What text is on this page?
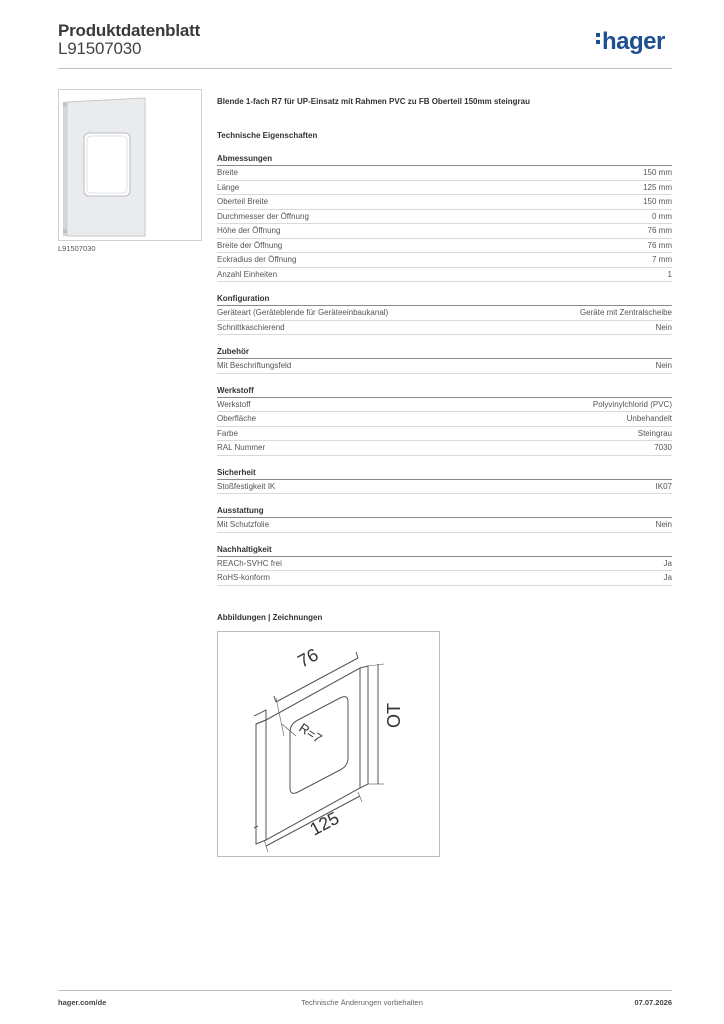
Produktdatenblatt
L91507030	hager
L91507030
Blende 1-fach R7 für UP-Einsatz mit Rahmen PVC zu FB Oberteil 150mm steingrau
Technische Eigenschaften
Abmessungen
Breite	150 mm
Länge	125 mm
Oberteil Breite	150 mm
Durchmesser der Öffnung	0 mm
Höhe der Öffnung	76 mm
Breite der Öffnung	76 mm
Eckradius der Öffnung	7 mm
Anzahl Einheiten	1
Konfiguration
Geräteart (Geräteblende für Geräteeinbaukanal)	Geräte mit Zentralscheibe
Schnittkaschierend	Nein
Zubehör
Mit Beschriftungsfeld	Nein
Werkstoff
Werkstoff	Polyvinylchlorid (PVC)
Oberfläche	Unbehandelt
Farbe	Steingrau
RAL Nummer	7030
Sicherheit
Stoßfestigkeit IK	IK07
Ausstattung
Mit Schutzfolie	Nein
Nachhaltigkeit
REACh-SVHC frei	Ja
RoHS-konform	Ja
Abbildungen | Zeichnungen
76
OT
R=7
125
hager.com/de	Technische Änderungen vorbehalten	07.07.2026
